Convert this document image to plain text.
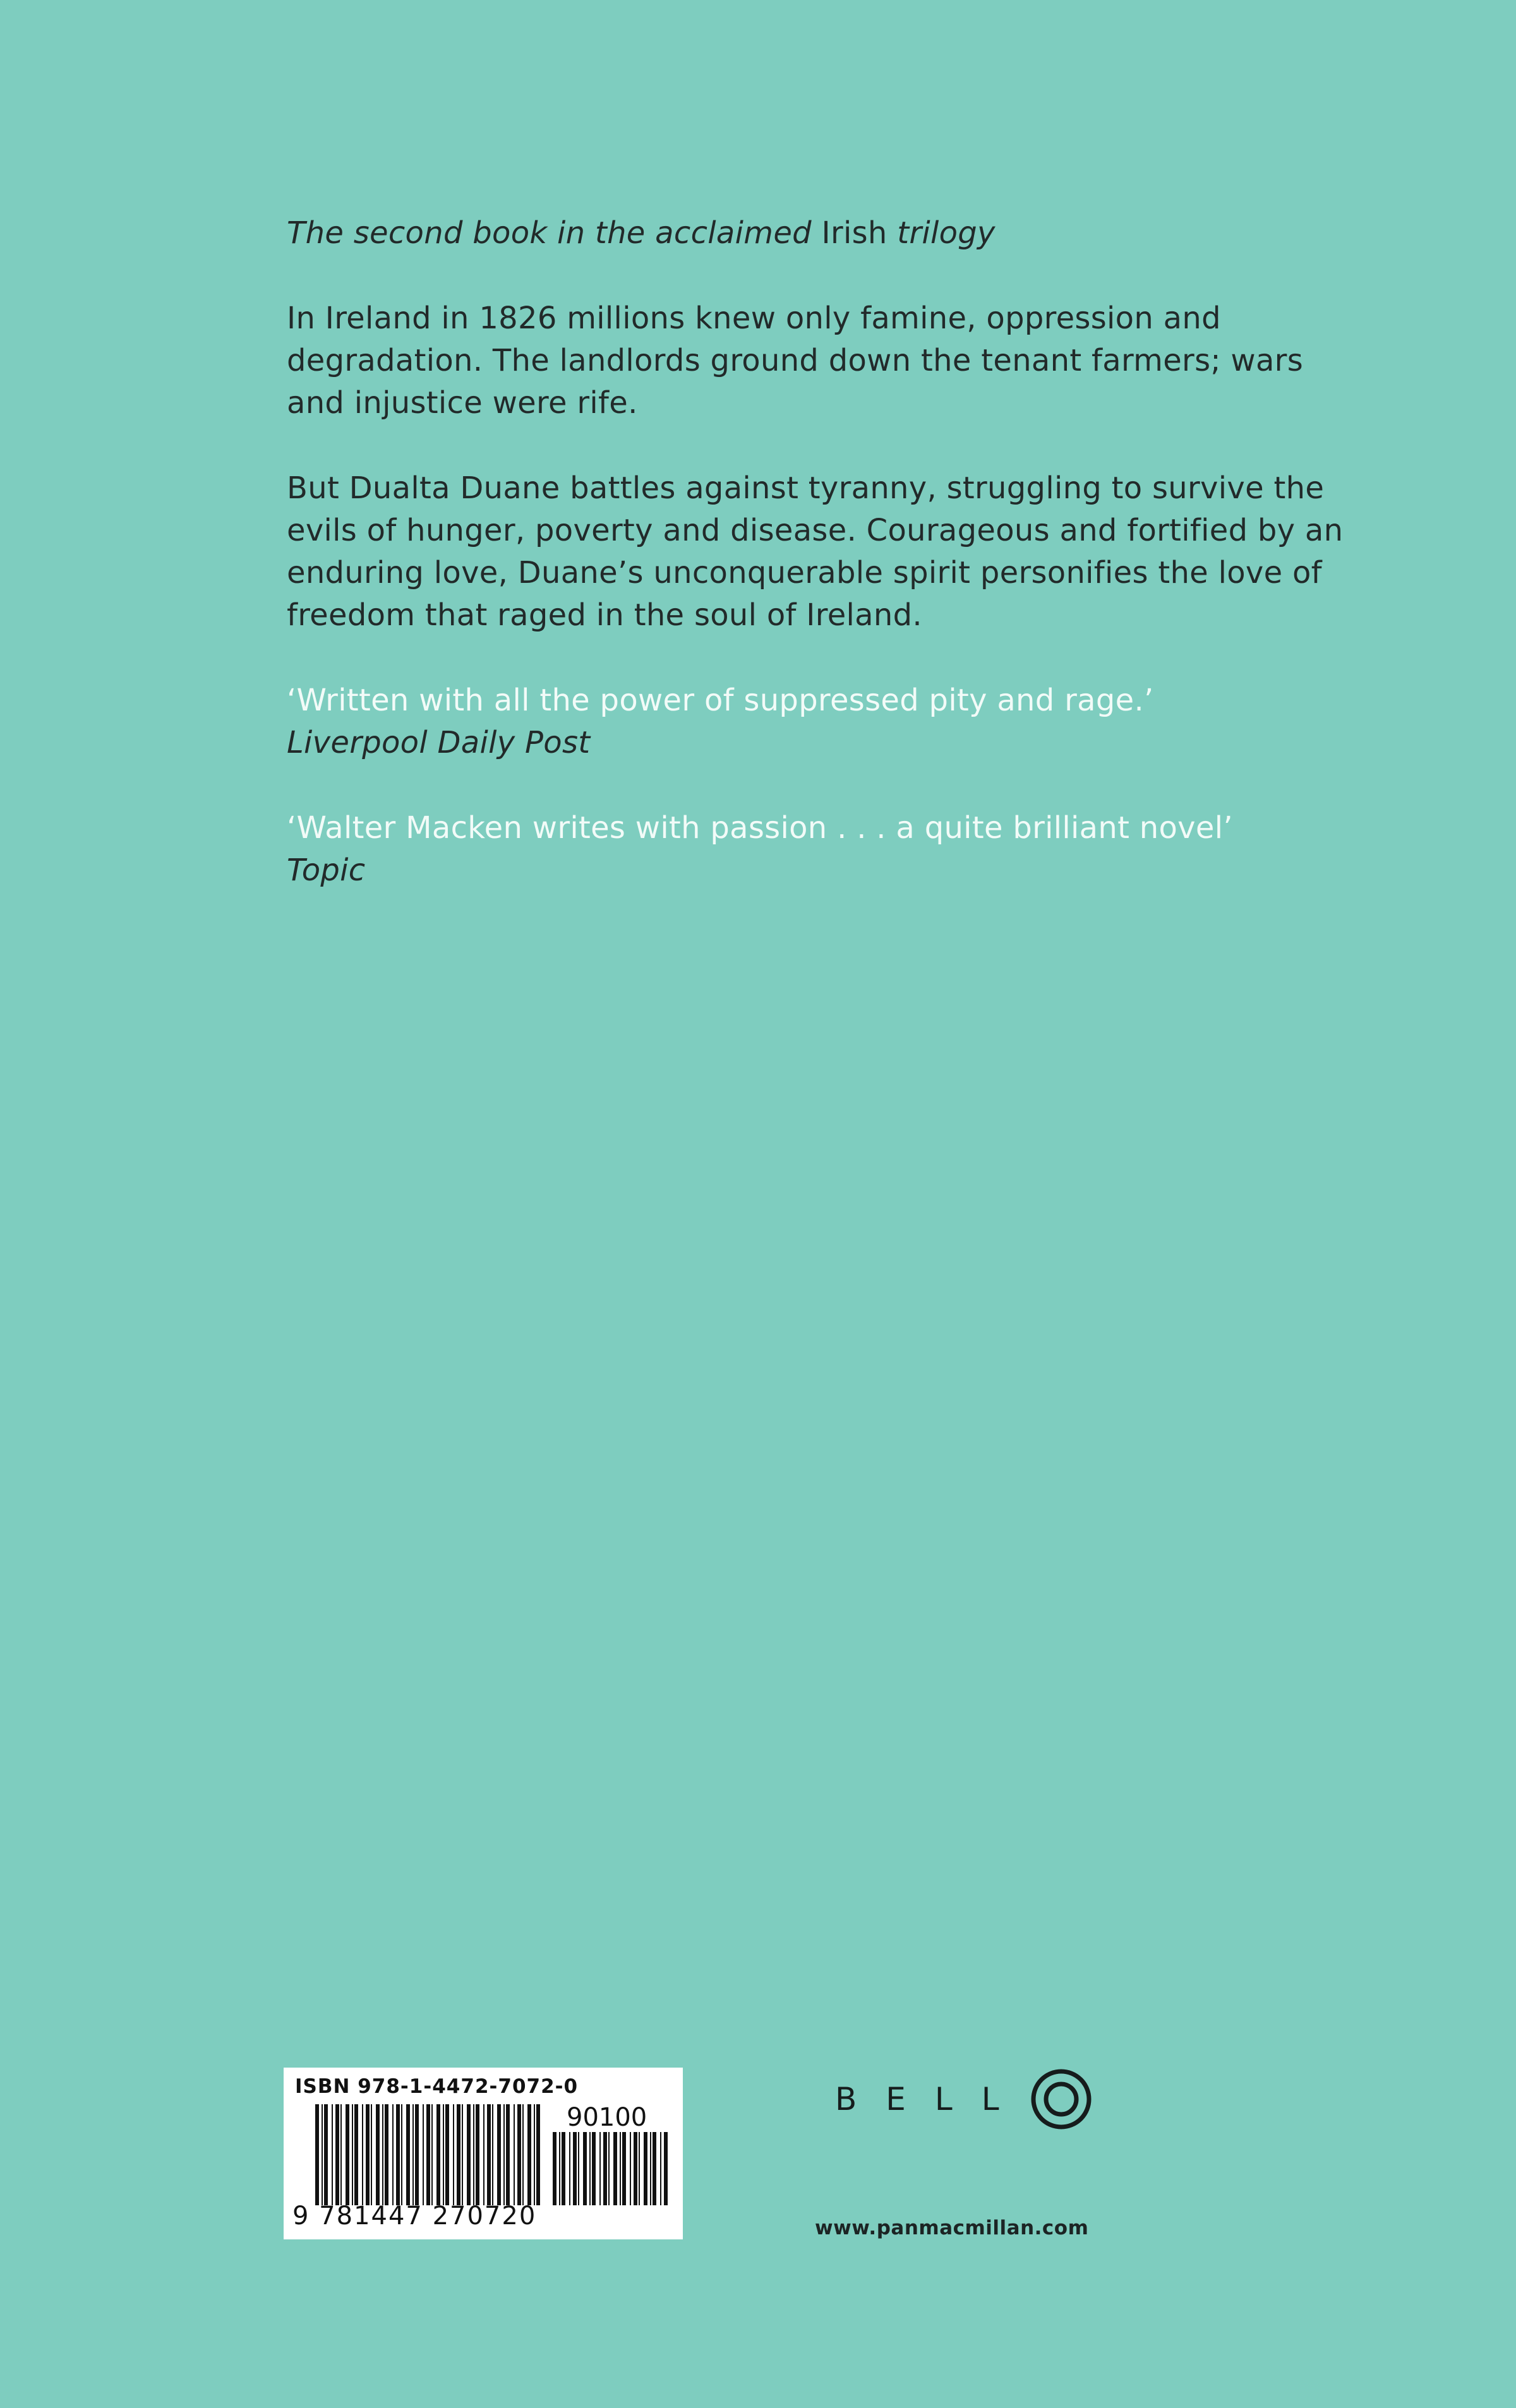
The second book in the acclaimed Irish trilogy

In Ireland in 1826 millions knew only famine, oppression and degradation. The landlords ground down the tenant farmers; wars and injustice were rife.

But Dualta Duane battles against tyranny, struggling to survive the evils of hunger, poverty and disease. Courageous and fortified by an enduring love, Duane’s unconquerable spirit personifies the love of freedom that raged in the soul of Ireland.

‘Written with all the power of suppressed pity and rage.’
Liverpool Daily Post

‘Walter Macken writes with passion . . . a quite brilliant novel’
Topic

ISBN 978-1-4472-7072-0
90100
9 781447 270720
BELL
www.panmacmillan.com
